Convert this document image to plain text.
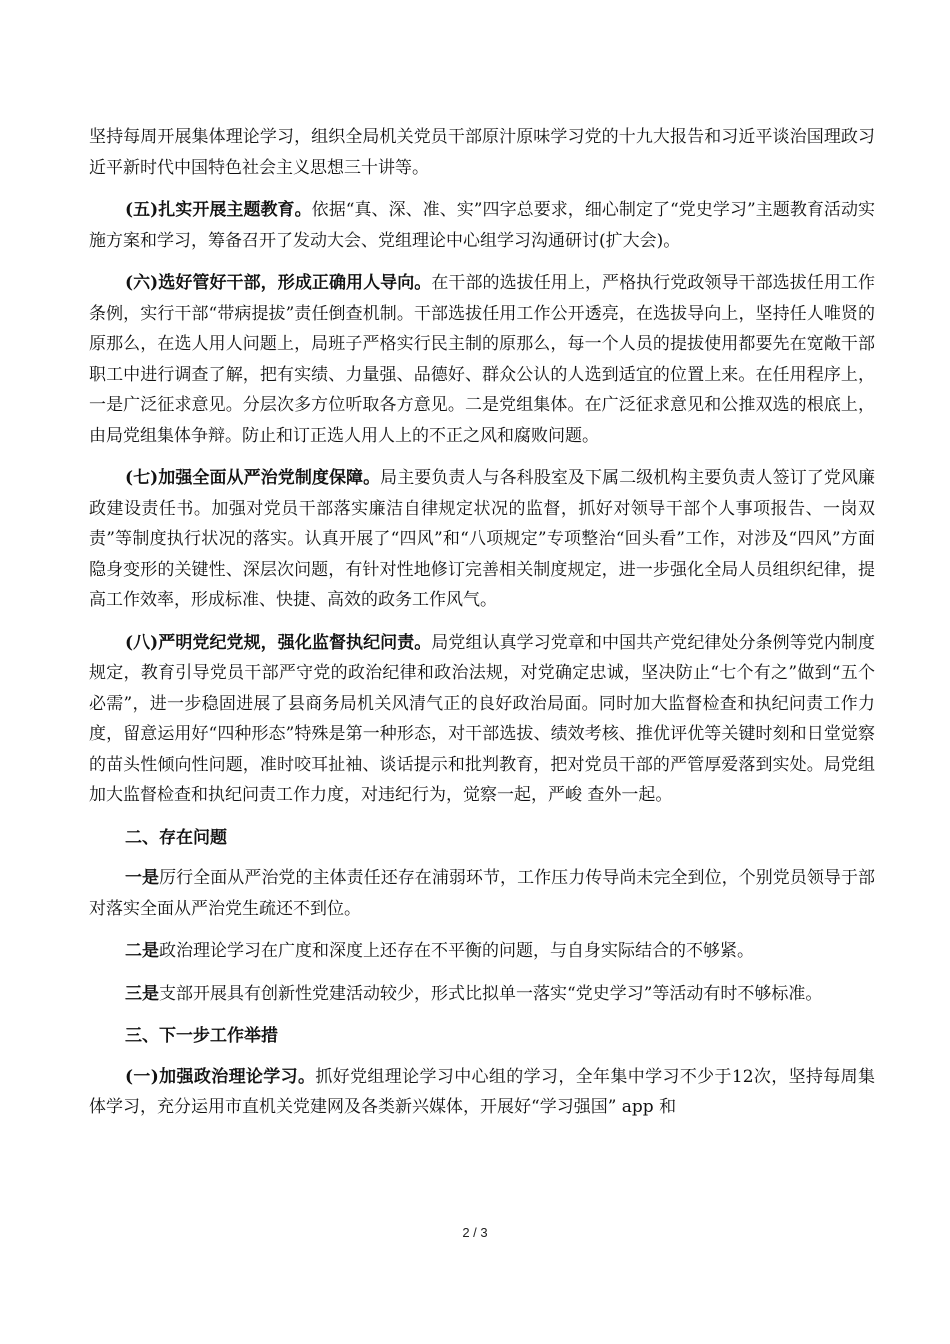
坚持每周开展集体理论学习，组织全局机关党员干部原汁原味学习党的十九大报告和习近平谈治国理政习近平新时代中国特色社会主义思想三十讲等。

(五)扎实开展主题教育。依据“真、深、准、实”四字总要求，细心制定了“党史学习”主题教育活动实施方案和学习，筹备召开了发动大会、党组理论中心组学习沟通研讨(扩大会)。

(六)选好管好干部，形成正确用人导向。在干部的选拔任用上，严格执行党政领导干部选拔任用工作条例，实行干部“带病提拔”责任倒查机制。干部选拔任用工作公开透亮，在选拔导向上，坚持任人唯贤的原那么，在选人用人问题上，局班子严格实行民主制的原那么，每一个人员的提拔使用都要先在宽敞干部职工中进行调查了解，把有实绩、力量强、品德好、群众公认的人选到适宜的位置上来。在任用程序上，一是广泛征求意见。分层次多方位听取各方意见。二是党组集体。在广泛征求意见和公推双选的根底上，由局党组集体争辩。防止和订正选人用人上的不正之风和腐败问题。

(七)加强全面从严治党制度保障。局主要负责人与各科股室及下属二级机构主要负责人签订了党风廉政建设责任书。加强对党员干部落实廉洁自律规定状况的监督，抓好对领导干部个人事项报告、一岗双责”等制度执行状况的落实。认真开展了“四风”和“八项规定”专项整治“回头看”工作，对涉及“四风”方面隐身变形的关键性、深层次问题，有针对性地修订完善相关制度规定，进一步强化全局人员组织纪律，提高工作效率，形成标准、快捷、高效的政务工作风气。

(八)严明党纪党规，强化监督执纪问责。局党组认真学习党章和中国共产党纪律处分条例等党内制度规定，教育引导党员干部严守党的政治纪律和政治法规，对党确定忠诚，坚决防止“七个有之”做到“五个必需”，进一步稳固进展了县商务局机关风清气正的良好政治局面。同时加大监督检查和执纪问责工作力度，留意运用好“四种形态”特殊是第一种形态，对干部选拔、绩效考核、推优评优等关键时刻和日堂觉察的苗头性倾向性问题，准时咬耳扯袖、谈话提示和批判教育，把对党员干部的严管厚爱落到实处。局党组加大监督检查和执纪问责工作力度，对违纪行为，觉察一起，严峻 查外一起。

二、存在问题

一是厉行全面从严治党的主体责任还存在浦弱环节，工作压力传导尚未完全到位，个别党员领导于部对落实全面从严治党生疏还不到位。

二是政治理论学习在广度和深度上还存在不平衡的问题，与自身实际结合的不够紧。

三是支部开展具有创新性党建活动较少，形式比拟单一落实“党史学习”等活动有时不够标准。

三、下一步工作举措

(一)加强政治理论学习。抓好党组理论学习中心组的学习，全年集中学习不少于12次，坚持每周集体学习，充分运用市直机关党建网及各类新兴媒体，开展好“学习强国” app 和

2 / 3
